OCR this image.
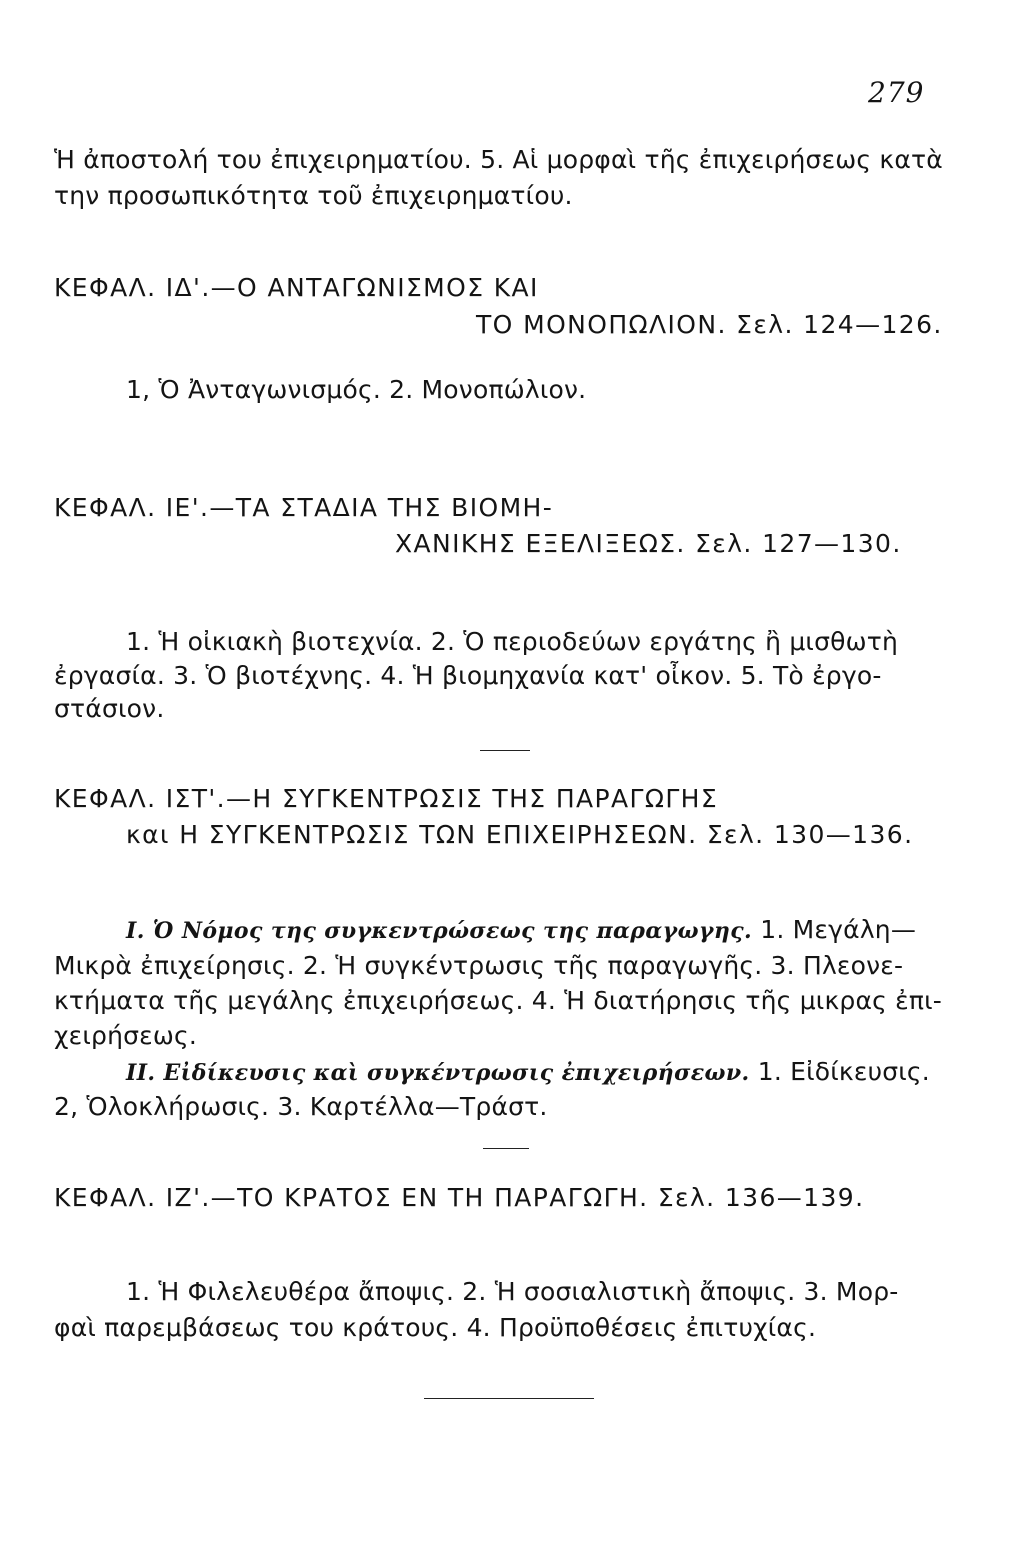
279
Ἡ ἀποστολή του ἐπιχειρηματίου. 5. Αἱ μορφαὶ τῆς ἐπιχειρήσεως κατὰ
την προσωπικότητα τοῦ ἐπιχειρηματίου.
ΚΕΦΑΛ. ΙΔ'.—Ο ΑΝΤΑΓΩΝΙΣΜΟΣ ΚΑΙ
ΤΟ ΜΟΝΟΠΩΛΙΟΝ. Σελ. 124—126.
1, Ὁ Ἀνταγωνισμός. 2. Μονοπώλιον.
ΚΕΦΑΛ. ΙΕ'.—ΤΑ ΣΤΑΔΙΑ ΤΗΣ ΒΙΟΜΗ-
ΧΑΝΙΚΗΣ ΕΞΕΛΙΞΕΩΣ. Σελ. 127—130.
1. Ἡ οἰκιακὴ βιοτεχνία. 2. Ὁ περιοδεύων εργάτης ἢ μισθωτὴ
ἐργασία. 3. Ὁ βιοτέχνης. 4. Ἡ βιομηχανία κατ' οἶκον. 5. Τὸ ἐργο-
στάσιον.
ΚΕΦΑΛ. ΙΣΤ'.—Η ΣΥΓΚΕΝΤΡΩΣΙΣ ΤΗΣ ΠΑΡΑΓΩΓΗΣ
και Η ΣΥΓΚΕΝΤΡΩΣΙΣ ΤΩΝ ΕΠΙΧΕΙΡΗΣΕΩΝ. Σελ. 130—136.
I. Ὁ Νόμος της συγκεντρώσεως της παραγωγης. 1. Μεγάλη—
Μικρὰ ἐπιχείρησις. 2. Ἡ συγκέντρωσις τῆς παραγωγῆς. 3. Πλεονε-
κτήματα τῆς μεγάλης ἐπιχειρήσεως. 4. Ἡ διατήρησις τῆς μικρας ἐπι-
χειρήσεως.
II. Εἰδίκευσις καὶ συγκέντρωσις ἐπιχειρήσεων. 1. Εἰδίκευσις.
2, Ὁλοκλήρωσις. 3. Καρτέλλα—Τράστ.
ΚΕΦΑΛ. ΙΖ'.—ΤΟ ΚΡΑΤΟΣ ΕΝ ΤΗ ΠΑΡΑΓΩΓΗ. Σελ. 136—139.
1. Ἡ Φιλελευθέρα ἄποψις. 2. Ἡ σοσιαλιστικὴ ἄποψις. 3. Μορ-
φαὶ παρεμβάσεως του κράτους. 4. Προϋποθέσεις ἐπιτυχίας.
